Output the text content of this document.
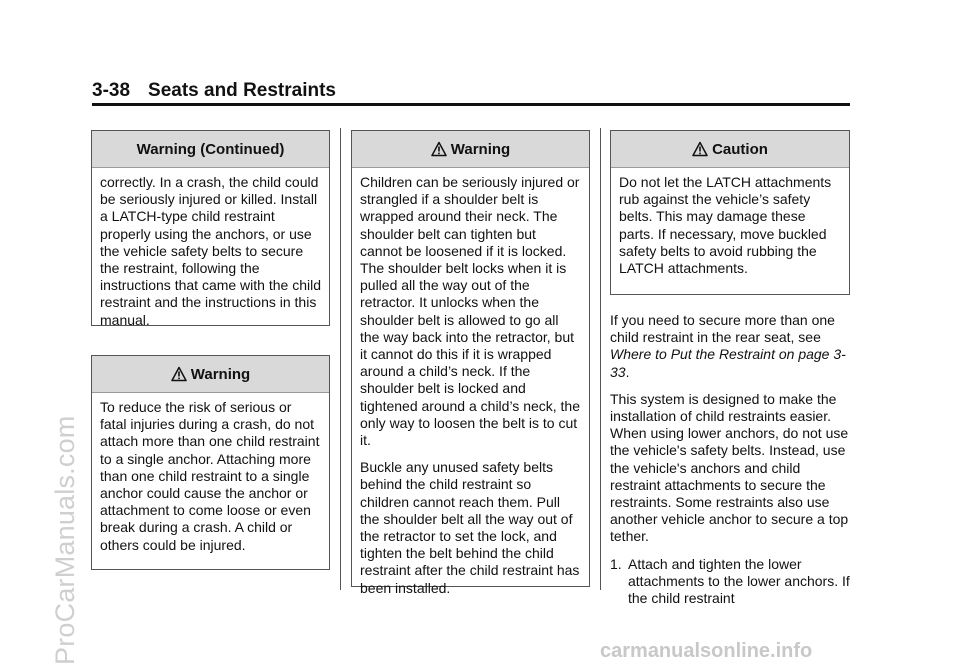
ProCarManuals.com
3-38 Seats and Restraints
Warning (Continued)

correctly. In a crash, the child could be seriously injured or killed. Install a LATCH-type child restraint properly using the anchors, or use the vehicle safety belts to secure the restraint, following the instructions that came with the child restraint and the instructions in this manual.

Warning

To reduce the risk of serious or fatal injuries during a crash, do not attach more than one child restraint to a single anchor. Attaching more than one child restraint to a single anchor could cause the anchor or attachment to come loose or even break during a crash. A child or others could be injured.

Warning

Children can be seriously injured or strangled if a shoulder belt is wrapped around their neck. The shoulder belt can tighten but cannot be loosened if it is locked. The shoulder belt locks when it is pulled all the way out of the retractor. It unlocks when the shoulder belt is allowed to go all the way back into the retractor, but it cannot do this if it is wrapped around a child’s neck. If the shoulder belt is locked and tightened around a child’s neck, the only way to loosen the belt is to cut it.

Buckle any unused safety belts behind the child restraint so children cannot reach them. Pull the shoulder belt all the way out of the retractor to set the lock, and tighten the belt behind the child restraint after the child restraint has been installed.

Caution

Do not let the LATCH attachments rub against the vehicle’s safety belts. This may damage these parts. If necessary, move buckled safety belts to avoid rubbing the LATCH attachments.

If you need to secure more than one child restraint in the rear seat, see Where to Put the Restraint on page 3-33.

This system is designed to make the installation of child restraints easier. When using lower anchors, do not use the vehicle's safety belts. Instead, use the vehicle's anchors and child restraint attachments to secure the restraints. Some restraints also use another vehicle anchor to secure a top tether.

1. Attach and tighten the lower attachments to the lower anchors. If the child restraint
carmanualsonline.info
